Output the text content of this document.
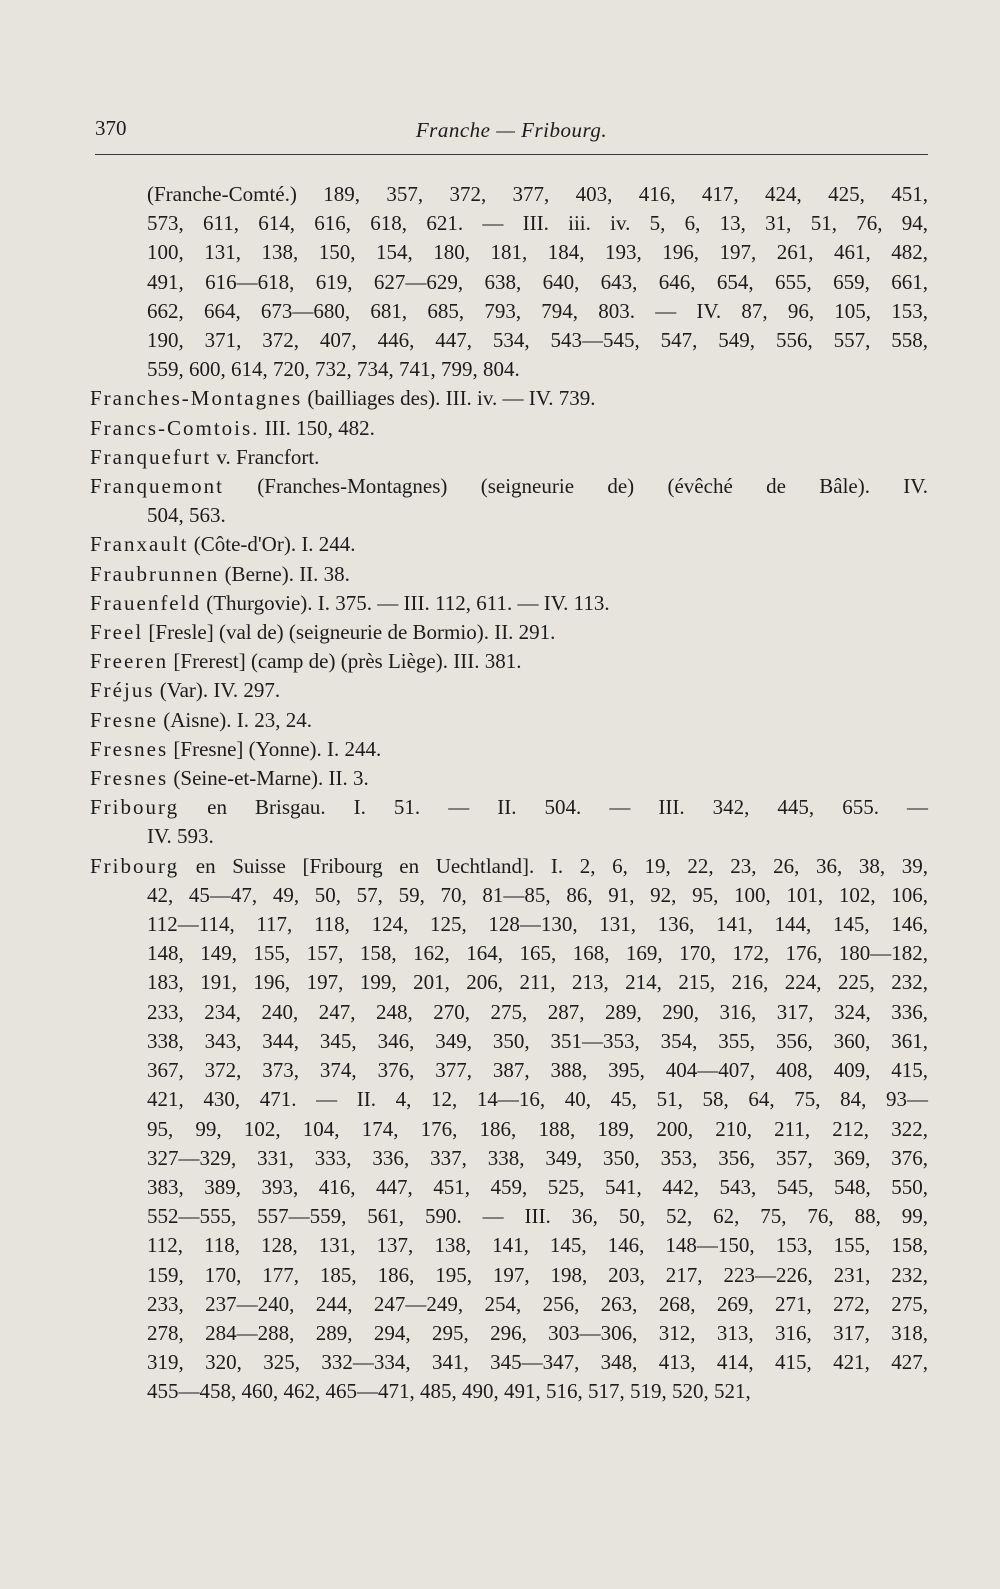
370	Franche — Fribourg.
(Franche-Comté.) 189, 357, 372, 377, 403, 416, 417, 424, 425, 451,
573, 611, 614, 616, 618, 621. — III. iii. iv. 5, 6, 13, 31, 51, 76, 94,
100, 131, 138, 150, 154, 180, 181, 184, 193, 196, 197, 261, 461, 482,
491, 616—618, 619, 627—629, 638, 640, 643, 646, 654, 655, 659, 661,
662, 664, 673—680, 681, 685, 793, 794, 803. — IV. 87, 96, 105, 153,
190, 371, 372, 407, 446, 447, 534, 543—545, 547, 549, 556, 557, 558,
559, 600, 614, 720, 732, 734, 741, 799, 804.
Franches-Montagnes (bailliages des). III. iv. — IV. 739.
Francs-Comtois. III. 150, 482.
Franquefurt v. Francfort.
Franquemont (Franches-Montagnes) (seigneurie de) (évêché de Bâle). IV.
504, 563.
Franxault (Côte-d'Or). I. 244.
Fraubrunnen (Berne). II. 38.
Frauenfeld (Thurgovie). I. 375. — III. 112, 611. — IV. 113.
Freel [Fresle] (val de) (seigneurie de Bormio). II. 291.
Freeren [Frerest] (camp de) (près Liège). III. 381.
Fréjus (Var). IV. 297.
Fresne (Aisne). I. 23, 24.
Fresnes [Fresne] (Yonne). I. 244.
Fresnes (Seine-et-Marne). II. 3.
Fribourg en Brisgau. I. 51. — II. 504. — III. 342, 445, 655. —
IV. 593.
Fribourg en Suisse [Fribourg en Uechtland]. I. 2, 6, 19, 22, 23, 26, 36, 38, 39,
42, 45—47, 49, 50, 57, 59, 70, 81—85, 86, 91, 92, 95, 100, 101, 102, 106,
112—114, 117, 118, 124, 125, 128—130, 131, 136, 141, 144, 145, 146,
148, 149, 155, 157, 158, 162, 164, 165, 168, 169, 170, 172, 176, 180—182,
183, 191, 196, 197, 199, 201, 206, 211, 213, 214, 215, 216, 224, 225, 232,
233, 234, 240, 247, 248, 270, 275, 287, 289, 290, 316, 317, 324, 336,
338, 343, 344, 345, 346, 349, 350, 351—353, 354, 355, 356, 360, 361,
367, 372, 373, 374, 376, 377, 387, 388, 395, 404—407, 408, 409, 415,
421, 430, 471. — II. 4, 12, 14—16, 40, 45, 51, 58, 64, 75, 84, 93—
95, 99, 102, 104, 174, 176, 186, 188, 189, 200, 210, 211, 212, 322,
327—329, 331, 333, 336, 337, 338, 349, 350, 353, 356, 357, 369, 376,
383, 389, 393, 416, 447, 451, 459, 525, 541, 442, 543, 545, 548, 550,
552—555, 557—559, 561, 590. — III. 36, 50, 52, 62, 75, 76, 88, 99,
112, 118, 128, 131, 137, 138, 141, 145, 146, 148—150, 153, 155, 158,
159, 170, 177, 185, 186, 195, 197, 198, 203, 217, 223—226, 231, 232,
233, 237—240, 244, 247—249, 254, 256, 263, 268, 269, 271, 272, 275,
278, 284—288, 289, 294, 295, 296, 303—306, 312, 313, 316, 317, 318,
319, 320, 325, 332—334, 341, 345—347, 348, 413, 414, 415, 421, 427,
455—458, 460, 462, 465—471, 485, 490, 491, 516, 517, 519, 520, 521,
